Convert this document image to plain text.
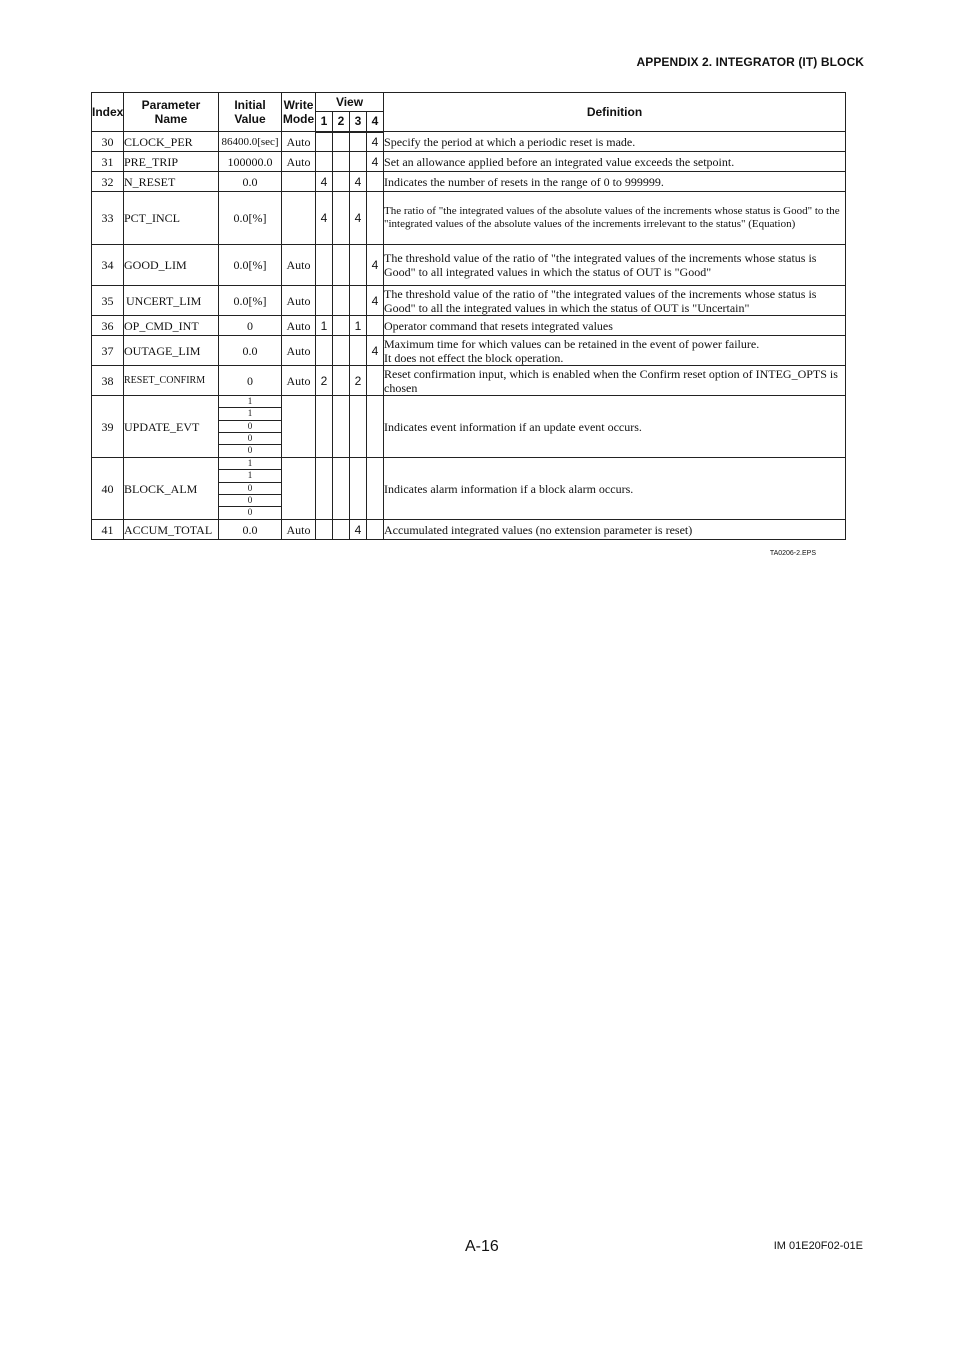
APPENDIX 2. INTEGRATOR (IT) BLOCK
Index	Parameter Name	Initial Value	Write Mode	View				Definition
				1	2	3	4	
30	CLOCK_PER	86400.0[sec]	Auto				4	Specify the period at which a periodic reset is made.
31	PRE_TRIP	100000.0	Auto				4	Set an allowance applied before an integrated value exceeds the setpoint.
32	N_RESET	0.0		4		4		Indicates the number of resets in the range of 0 to 999999.
33	PCT_INCL	0.0[%]		4		4		The ratio of "the integrated values of the absolute values of the increments whose status is Good" to the "integrated values of the absolute values of the increments irrelevant to the status" (Equation)
34	GOOD_LIM	0.0[%]	Auto				4	The threshold value of the ratio of "the integrated values of the increments whose status is Good" to all integrated values in which the status of OUT is "Good"
35	UNCERT_LIM	0.0[%]	Auto				4	The threshold value of the ratio of "the integrated values of the increments whose status is Good" to all the integrated values in which the status of OUT is "Uncertain"
36	OP_CMD_INT	0	Auto	1		1		Operator command that resets integrated values
37	OUTAGE_LIM	0.0	Auto				4	Maximum time for which values can be retained in the event of power failure.
It does not effect the block operation.

38	RESET_CONFIRM	0	Auto	2		2		Reset confirmation input, which is enabled when the Confirm reset option of INTEG_OPTS is chosen
39	UPDATE_EVT	1
1
0
0
0						Indicates event information if an update event occurs.
40	BLOCK_ALM	1
1
0
0
0						Indicates alarm information if a block alarm occurs.
41	ACCUM_TOTAL	0.0	Auto			4		Accumulated integrated values (no extension parameter is reset)
TA0206-2.EPS
A-16	IM 01E20F02-01E
